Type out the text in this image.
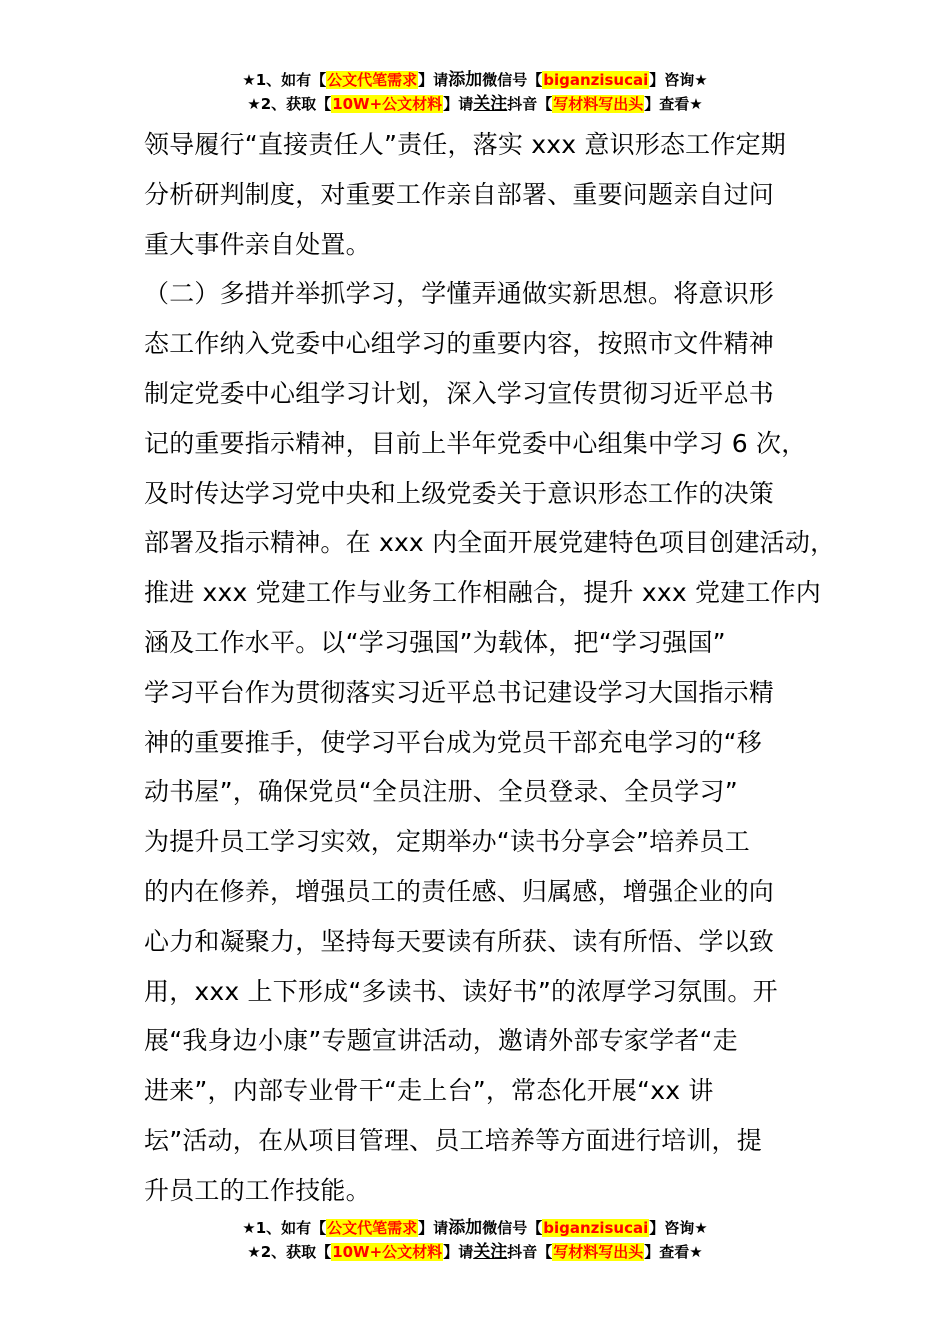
★1、如有【公文代笔需求】请添加微信号【biganzisucai】咨询★
★2、获取【10W+公文材料】请关注抖音【写材料写出头】查看★
领导履行“直接责任人”责任，落实 xxx 意识形态工作定期
分析研判制度，对重要工作亲自部署、重要问题亲自过问
重大事件亲自处置。
（二）多措并举抓学习，学懂弄通做实新思想。将意识形
态工作纳入党委中心组学习的重要内容，按照市文件精神
制定党委中心组学习计划，深入学习宣传贯彻习近平总书
记的重要指示精神，目前上半年党委中心组集中学习 6 次，
及时传达学习党中央和上级党委关于意识形态工作的决策
部署及指示精神。在 xxx 内全面开展党建特色项目创建活动，
推进 xxx 党建工作与业务工作相融合，提升 xxx 党建工作内
涵及工作水平。以“学习强国”为载体，把“学习强国”
学习平台作为贯彻落实习近平总书记建设学习大国指示精
神的重要推手，使学习平台成为党员干部充电学习的“移
动书屋”，确保党员“全员注册、全员登录、全员学习”
为提升员工学习实效，定期举办“读书分享会”培养员工
的内在修养，增强员工的责任感、归属感，增强企业的向
心力和凝聚力，坚持每天要读有所获、读有所悟、学以致
用，xxx 上下形成“多读书、读好书”的浓厚学习氛围。开
展“我身边小康”专题宣讲活动，邀请外部专家学者“走
进来”，内部专业骨干“走上台”，常态化开展“xx 讲
坛”活动，在从项目管理、员工培养等方面进行培训，提
升员工的工作技能。
★1、如有【公文代笔需求】请添加微信号【biganzisucai】咨询★
★2、获取【10W+公文材料】请关注抖音【写材料写出头】查看★
